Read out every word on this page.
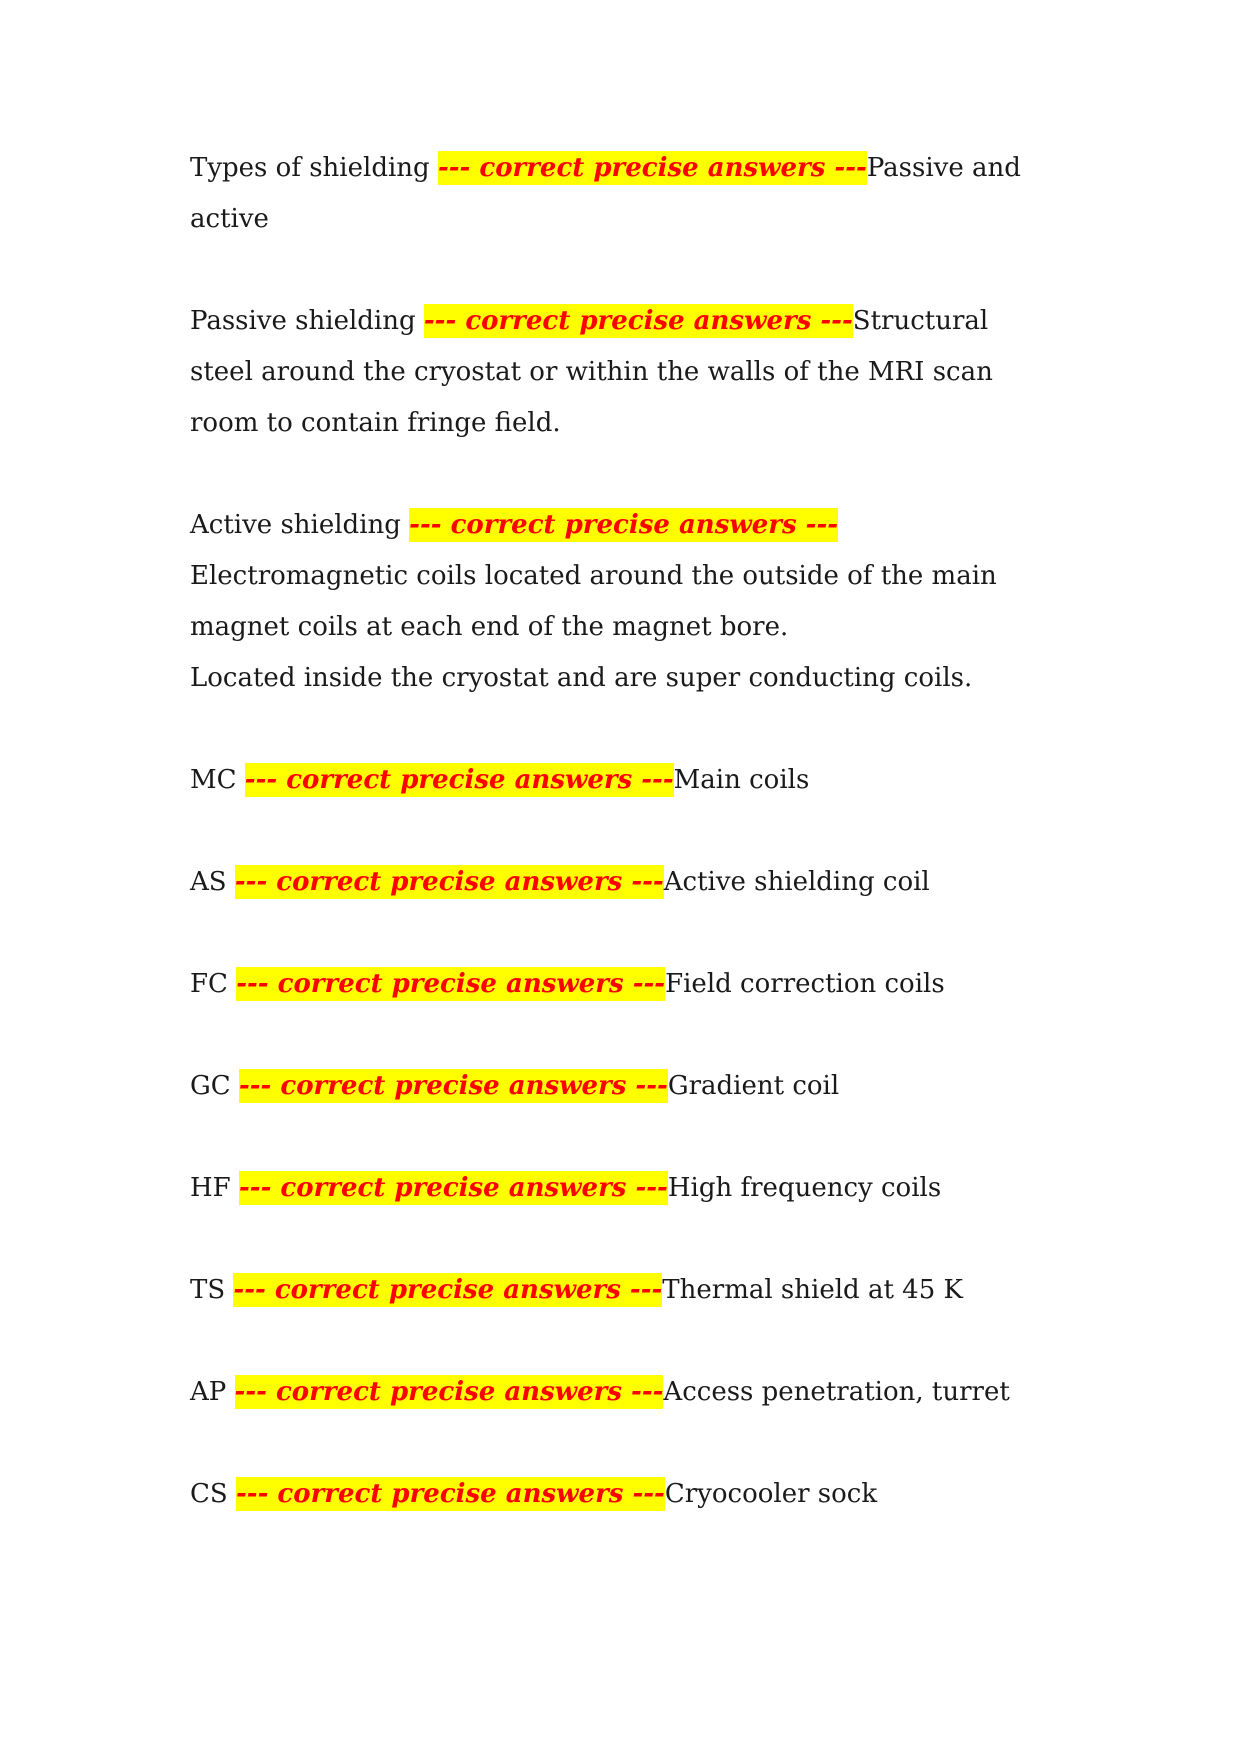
Types of shielding --- correct precise answers ---Passive and active

Passive shielding --- correct precise answers ---Structural steel around the cryostat or within the walls of the MRI scan room to contain fringe field.

Active shielding --- correct precise answers --- Electromagnetic coils located around the outside of the main magnet coils at each end of the magnet bore.

Located inside the cryostat and are super conducting coils.

MC --- correct precise answers ---Main coils

AS --- correct precise answers ---Active shielding coil

FC --- correct precise answers ---Field correction coils

GC --- correct precise answers ---Gradient coil

HF --- correct precise answers ---High frequency coils

TS --- correct precise answers ---Thermal shield at 45 K

AP --- correct precise answers ---Access penetration, turret

CS --- correct precise answers ---Cryocooler sock
